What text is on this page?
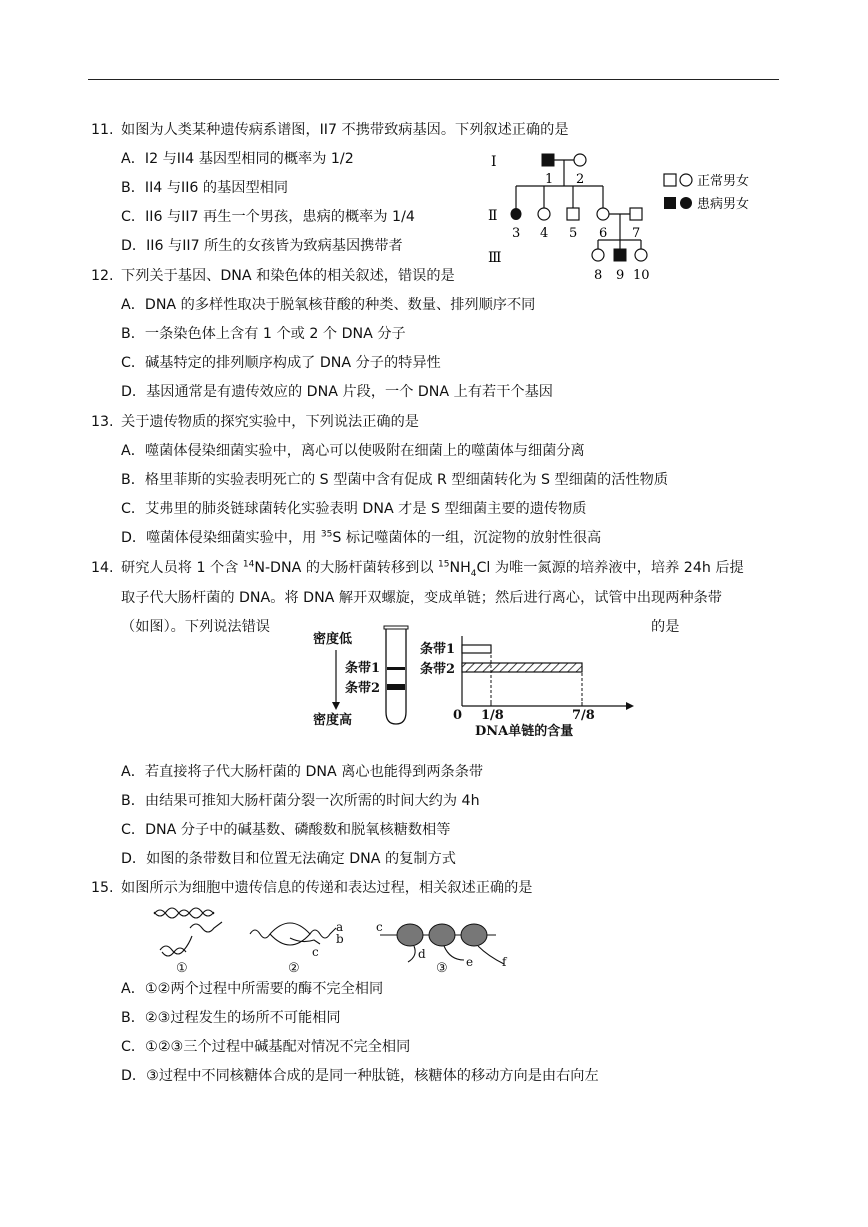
11. 如图为人类某种遗传病系谱图，II7 不携带致病基因。下列叙述正确的是
A．I2 与II4 基因型相同的概率为 1/2
B．II4 与II6 的基因型相同
C．II6 与II7 再生一个男孩，患病的概率为 1/4
D．II6 与II7 所生的女孩皆为致病基因携带者
Ⅰ
Ⅱ
Ⅲ
1 2
3 4 5 6 7
8 9 10
正常男女
患病男女
12. 下列关于基因、DNA 和染色体的相关叙述，错误的是
A．DNA 的多样性取决于脱氧核苷酸的种类、数量、排列顺序不同
B．一条染色体上含有 1 个或 2 个 DNA 分子
C．碱基特定的排列顺序构成了 DNA 分子的特异性
D．基因通常是有遗传效应的 DNA 片段，一个 DNA 上有若干个基因
13. 关于遗传物质的探究实验中，下列说法正确的是
A．噬菌体侵染细菌实验中，离心可以使吸附在细菌上的噬菌体与细菌分离
B．格里菲斯的实验表明死亡的 S 型菌中含有促成 R 型细菌转化为 S 型细菌的活性物质
C．艾弗里的肺炎链球菌转化实验表明 DNA 才是 S 型细菌主要的遗传物质
D．噬菌体侵染细菌实验中，用 $^{35}$S 标记噬菌体的一组，沉淀物的放射性很高
14. 研究人员将 1 个含 $^{14}$N-DNA 的大肠杆菌转移到以 $^{15}NH_4Cl$ 为唯一氮源的培养液中，培养 24h 后提
取子代大肠杆菌的 DNA。将 DNA 解开双螺旋，变成单链；然后进行离心，试管中出现两种条带
（如图）。下列说法错误	的是
密度低
密度高
条带1
条带2
条带1
条带2
DNA单链的含量
0 1/8	7/8
A．若直接将子代大肠杆菌的 DNA 离心也能得到两条条带
B．由结果可推知大肠杆菌分裂一次所需的时间大约为 4h
C．DNA 分子中的碱基数、磷酸数和脱氧核糖数相等
D．如图的条带数目和位置无法确定 DNA 的复制方式
15. 如图所示为细胞中遗传信息的传递和表达过程，相关叙述正确的是
a
b
c
c
d
e f
①	②	③
A．①②两个过程中所需要的酶不完全相同
B．②③过程发生的场所不可能相同
C．①②③三个过程中碱基配对情况不完全相同
D．③过程中不同核糖体合成的是同一种肽链，核糖体的移动方向是由右向左
